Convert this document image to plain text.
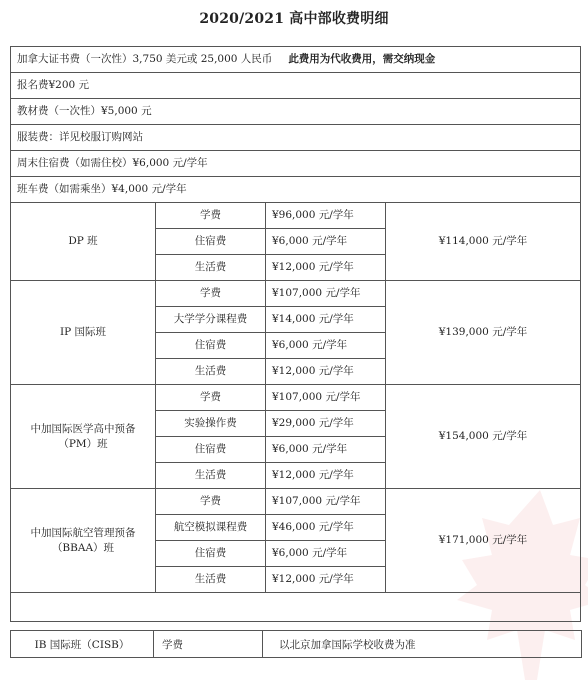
2020/2021 高中部收费明细
加拿大证书费（一次性）3,750 美元或 25,000 人民币 此费用为代收费用，需交纳现金			
报名费¥200 元			
教材费（一次性）¥5,000 元			
服装费：详见校服订购网站			
周末住宿费（如需住校）¥6,000 元/学年			
班车费（如需乘坐）¥4,000 元/学年			
DP 班	学费	¥96,000 元/学年	¥114,000 元/学年
	住宿费	¥6,000 元/学年	
	生活费	¥12,000 元/学年	
IP 国际班	学费	¥107,000 元/学年	¥139,000 元/学年
	大学学分课程费	¥14,000 元/学年	
	住宿费	¥6,000 元/学年	
	生活费	¥12,000 元/学年	
中加国际医学高中预备（PM）班	学费	¥107,000 元/学年	¥154,000 元/学年
	实验操作费	¥29,000 元/学年	
	住宿费	¥6,000 元/学年	
	生活费	¥12,000 元/学年	
中加国际航空管理预备（BBAA）班	学费	¥107,000 元/学年	¥171,000 元/学年
	航空模拟课程费	¥46,000 元/学年	
	住宿费	¥6,000 元/学年	
	生活费	¥12,000 元/学年	

IB 国际班（CISB）	学费	以北京加拿国际学校收费为准
